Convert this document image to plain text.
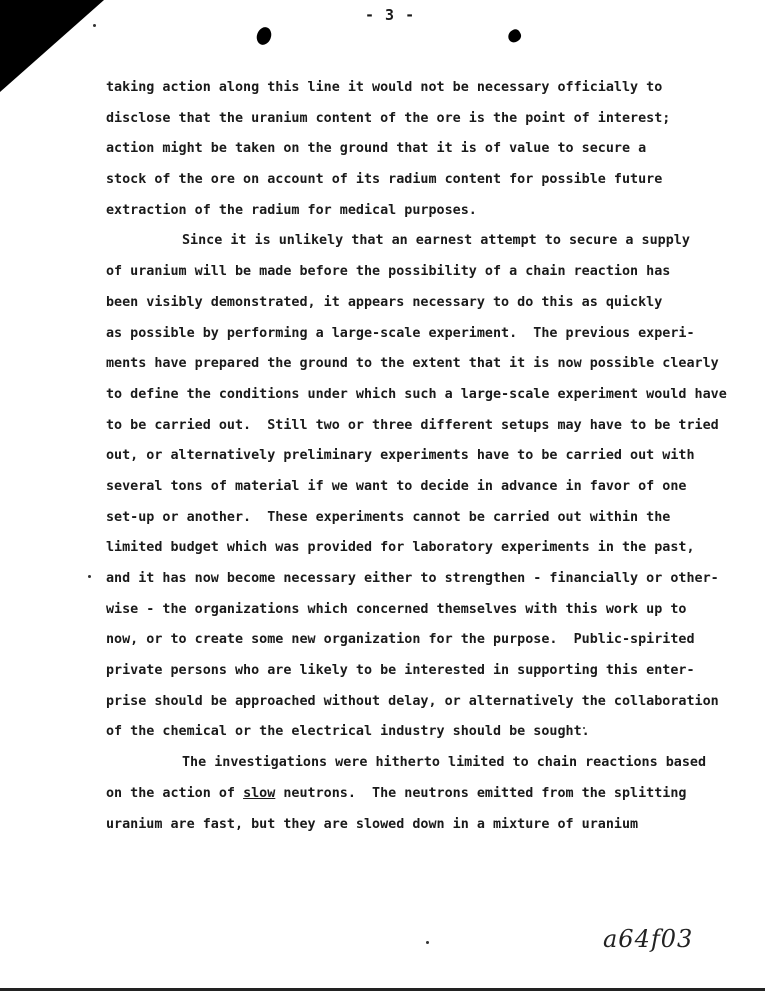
- 3 -
taking action along this line it would not be necessary officially to
disclose that the uranium content of the ore is the point of interest;
action might be taken on the ground that it is of value to secure a
stock of the ore on account of its radium content for possible future
extraction of the radium for medical purposes.
Since it is unlikely that an earnest attempt to secure a supply
of uranium will be made before the possibility of a chain reaction has
been visibly demonstrated, it appears necessary to do this as quickly
as possible by performing a large-scale experiment.  The previous experi-
ments have prepared the ground to the extent that it is now possible clearly
to define the conditions under which such a large-scale experiment would have
to be carried out.  Still two or three different setups may have to be tried
out, or alternatively preliminary experiments have to be carried out with
several tons of material if we want to decide in advance in favor of one
set-up or another.  These experiments cannot be carried out within the
limited budget which was provided for laboratory experiments in the past,
and it has now become necessary either to strengthen - financially or other-
wise - the organizations which concerned themselves with this work up to
now, or to create some new organization for the purpose.  Public-spirited
private persons who are likely to be interested in supporting this enter-
prise should be approached without delay, or alternatively the collaboration
of the chemical or the electrical industry should be sought.
The investigations were hitherto limited to chain reactions based
on the action of slow neutrons.  The neutrons emitted from the splitting
uranium are fast, but they are slowed down in a mixture of uranium
a64f03
